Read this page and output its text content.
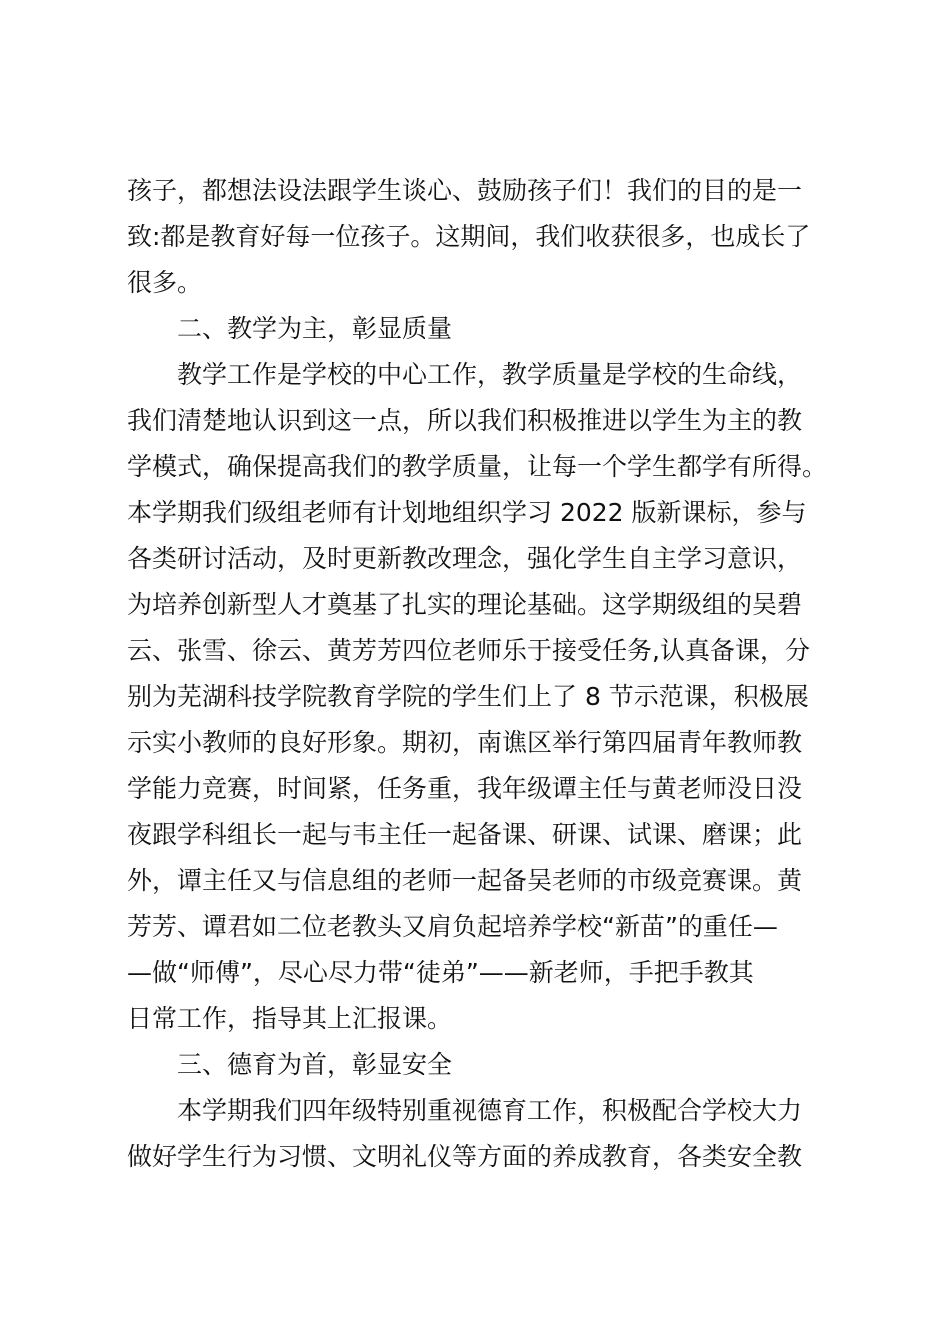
孩子，都想法设法跟学生谈心、鼓励孩子们！我们的目的是一
致:都是教育好每一位孩子。这期间，我们收获很多，也成长了
很多。
二、教学为主，彰显质量
教学工作是学校的中心工作，教学质量是学校的生命线，
我们清楚地认识到这一点，所以我们积极推进以学生为主的教
学模式，确保提高我们的教学质量，让每一个学生都学有所得。
本学期我们级组老师有计划地组织学习 2022 版新课标，参与
各类研讨活动，及时更新教改理念，强化学生自主学习意识，
为培养创新型人才奠基了扎实的理论基础。这学期级组的吴碧
云、张雪、徐云、黄芳芳四位老师乐于接受任务,认真备课，分
别为芜湖科技学院教育学院的学生们上了 8 节示范课，积极展
示实小教师的良好形象。期初，南谯区举行第四届青年教师教
学能力竞赛，时间紧，任务重，我年级谭主任与黄老师没日没
夜跟学科组长一起与韦主任一起备课、研课、试课、磨课；此
外，谭主任又与信息组的老师一起备吴老师的市级竞赛课。黄
芳芳、谭君如二位老教头又肩负起培养学校“新苗”的重任—
—做“师傅”，尽心尽力带“徒弟”——新老师，手把手教其
日常工作，指导其上汇报课。
三、德育为首，彰显安全
本学期我们四年级特别重视德育工作，积极配合学校大力
做好学生行为习惯、文明礼仪等方面的养成教育，各类安全教
